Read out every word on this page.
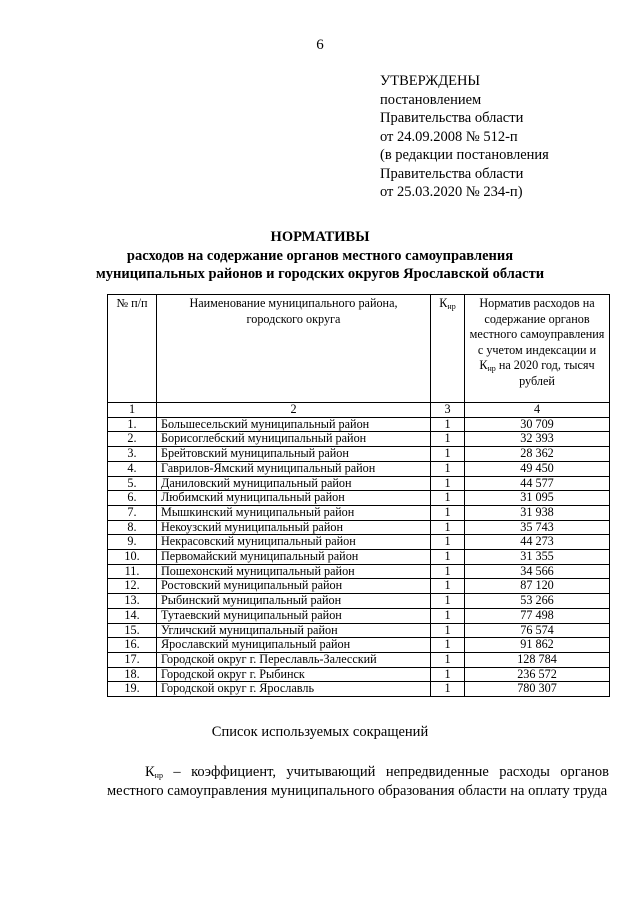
6
УТВЕРЖДЕНЫ
постановлением
Правительства области
от 24.09.2008 № 512-п
(в редакции постановления
Правительства области
от 25.03.2020 № 234-п)
НОРМАТИВЫ
расходов на содержание органов местного самоуправления
муниципальных районов и городских округов Ярославской области
№ п/п	Наименование муниципального района, городского округа	$К_{нр}$	Норматив расходов на содержание органов местного самоуправления с учетом индексации и $К_{нр}$ на 2020 год, тысяч рублей
1	2	3	4
1.	Большесельский муниципальный район	1	30 709
2.	Борисоглебский муниципальный район	1	32 393
3.	Брейтовский муниципальный район	1	28 362
4.	Гаврилов-Ямский муниципальный район	1	49 450
5.	Даниловский муниципальный район	1	44 577
6.	Любимский муниципальный район	1	31 095
7.	Мышкинский муниципальный район	1	31 938
8.	Некоузский муниципальный район	1	35 743
9.	Некрасовский муниципальный район	1	44 273
10.	Первомайский муниципальный район	1	31 355
11.	Пошехонский муниципальный район	1	34 566
12.	Ростовский муниципальный район	1	87 120
13.	Рыбинский муниципальный район	1	53 266
14.	Тутаевский муниципальный район	1	77 498
15.	Угличский муниципальный район	1	76 574
16.	Ярославский муниципальный район	1	91 862
17.	Городской округ г. Переславль-Залесский	1	128 784
18.	Городской округ г. Рыбинск	1	236 572
19.	Городской округ г. Ярославль	1	780 307
Список используемых сокращений

$К_{нр}$ – коэффициент, учитывающий непредвиденные расходы органов местного самоуправления муниципального образования области на оплату труда
